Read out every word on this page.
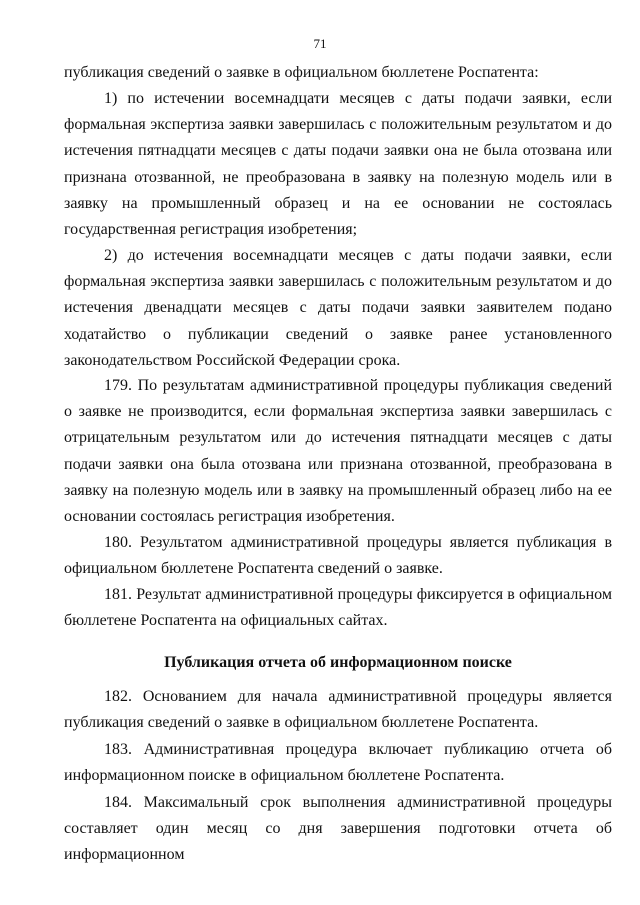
71

публикация сведений о заявке в официальном бюллетене Роспатента:

1) по истечении восемнадцати месяцев с даты подачи заявки, если формальная экспертиза заявки завершилась с положительным результатом и до истечения пятнадцати месяцев с даты подачи заявки она не была отозвана или признана отозванной, не преобразована в заявку на полезную модель или в заявку на промышленный образец и на ее основании не состоялась государственная регистрация изобретения;

2) до истечения восемнадцати месяцев с даты подачи заявки, если формальная экспертиза заявки завершилась с положительным результатом и до истечения двенадцати месяцев с даты подачи заявки заявителем подано ходатайство о публикации сведений о заявке ранее установленного законодательством Российской Федерации срока.

179. По результатам административной процедуры публикация сведений о заявке не производится, если формальная экспертиза заявки завершилась с отрицательным результатом или до истечения пятнадцати месяцев с даты подачи заявки она была отозвана или признана отозванной, преобразована в заявку на полезную модель или в заявку на промышленный образец либо на ее основании состоялась регистрация изобретения.

180. Результатом административной процедуры является публикация в официальном бюллетене Роспатента сведений о заявке.

181. Результат административной процедуры фиксируется в официальном бюллетене Роспатента на официальных сайтах.

Публикация отчета об информационном поиске

182. Основанием для начала административной процедуры является публикация сведений о заявке в официальном бюллетене Роспатента.

183. Административная процедура включает публикацию отчета об информационном поиске в официальном бюллетене Роспатента.

184. Максимальный срок выполнения административной процедуры составляет один месяц со дня завершения подготовки отчета об информационном
